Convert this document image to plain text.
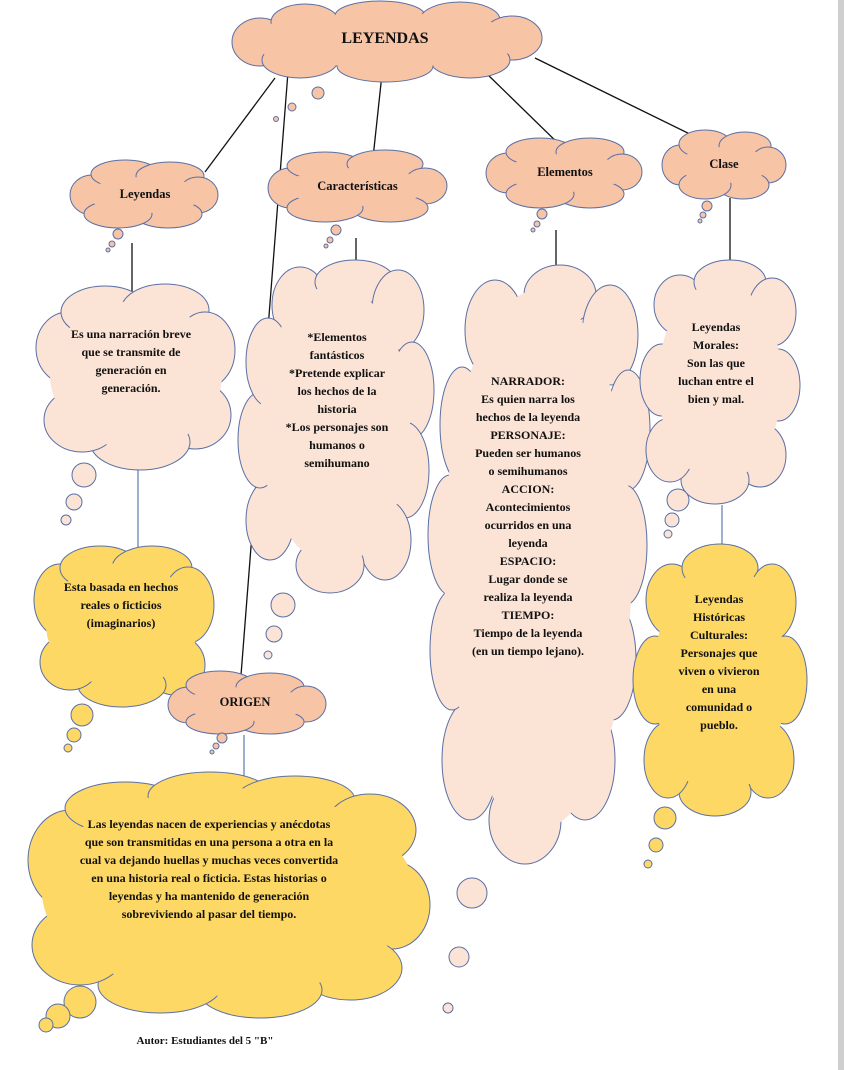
LEYENDAS
Leyendas
Características
Elementos
Clase
ORIGEN
Es una narración breve que se transmite de generación en generación.
Esta basada en hechos reales o ficticios (imaginarios)
*Elementos fantásticos
*Pretende explicar los hechos de la historia
*Los personajes son humanos o semihumano
NARRADOR:
Es quien narra los hechos de la leyenda
PERSONAJE:
Pueden ser humanos o semihumanos
ACCION:
Acontecimientos ocurridos en una leyenda
ESPACIO:
Lugar donde se realiza la leyenda
TIEMPO:
Tiempo de la leyenda (en un tiempo lejano).
Leyendas Morales:
Son las que luchan entre el bien y mal.
Leyendas Históricas Culturales:
Personajes que viven o vivieron en una comunidad o pueblo.
Las leyendas nacen de experiencias y anécdotas que son transmitidas en una persona a otra en la cual va dejando huellas y muchas veces convertida en una historia real o ficticia. Estas historias o leyendas y ha mantenido de generación sobreviviendo al pasar del tiempo.
Autor: Estudiantes del 5 "B"
